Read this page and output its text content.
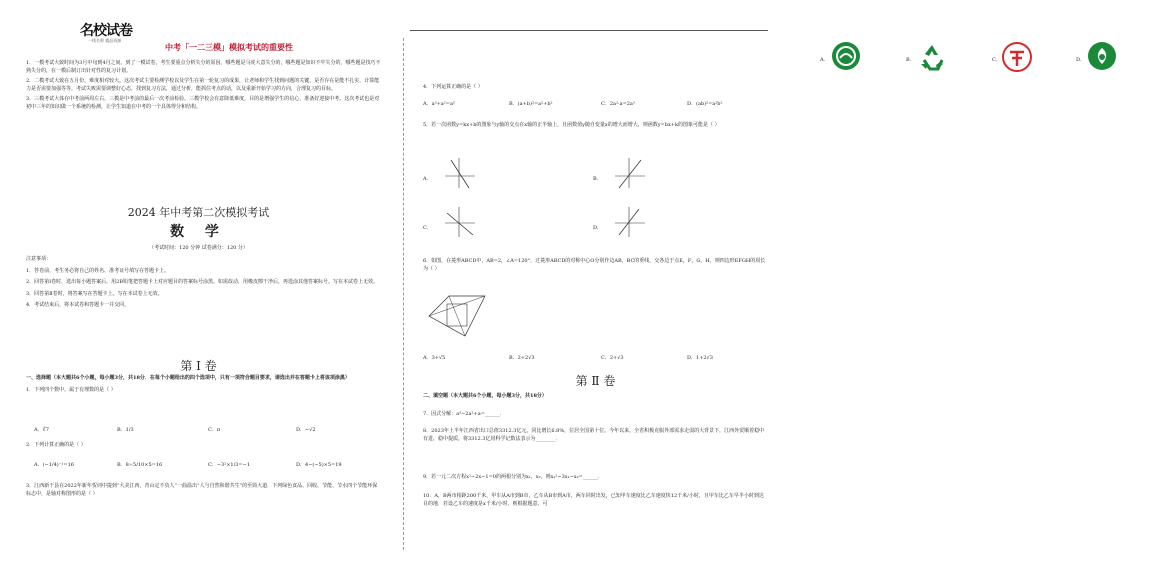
名校试卷
一线名师 精品资源
中考「一二三模」模拟考试的重要性

1．一模考试大致时间为3月中旬到4月之间。到了一模试卷，考生要重点分析失分的原因，哪些题是马虎大意失分的，哪些题是知识不牢失分的，哪些题是技巧不熟失分的，在一模后制订出针对性的复习计划。

2．二模考试大致在五月份，难度相对较大。这次考试主要检测学校以及学生在第一轮复习的成果，让老师和学生找到问题的关键，是否存在是能不扎实，计算能力是否需要加强等等。考试失败需要调整好心态，找到复习方法，通过分析，能抓住考点的话，以及重新开始学习的方向，合理复习的目标。

3．三模考试大体在中考前两周左右，三模是中考前的最后一次考前检验。三模学校会有意降低难度，目的是增强学生的信心，准备好迎接中考。这次考试也是对初中三年的知识做一个系统的检测，让学生知道在中考的一个具体得分和结构。

2024 年中考第二次模拟考试
数 学
（考试时间：120 分钟 试卷满分：120 分）

注意事项：

1．答卷前，考生务必将自己的姓名、准考证号填写在答题卡上。

2．回答第Ⅰ卷时，选出每小题答案后，用2B铅笔把答题卡上对应题目的答案标号涂黑。如需改动，用橡皮擦干净后，再选涂其他答案标号。写在本试卷上无效。

3．回答第Ⅱ卷时，将答案写在答题卡上。写在本试卷上无效。

4．考试结束后，将本试卷和答题卡一并交回。

第 Ⅰ 卷

一、选择题（本大题共6个小题，每小题3分，共18分．在每个小题给出的四个选项中，只有一项符合题目要求，请选出并在答题卡上将该项涂黑）

1．下列四个数中，属于有理数的是（ ）

A．∛7	B．1/3	C．π	D．−√2

2．下列计算正确的是（ ）

A．(−1/4)⁻¹=16	B．8÷5/10×5=16	C．−3²×1/3=−1	D．4−(−5)×5=19

3．江西新干县在2022年新年贺词中提到“大美江西，青山定不负人”一曲温出“人与自然和谐共生”的至简大道．下列绿色食品、回收、节能、节水四个节能环保标志中，是轴对称图形的是（ ）

A．	B．	C．	D．

4．下列运算正确的是（ ）

A．a³+a²=a⁵	B．(a+b)²=a²+b²	C．2a²·a=2a³	D．(ab)²=a²b²

5．若一次函数y=kx+b的图象与y轴的交点在x轴的正半轴上，且函数值y随自变量x的增大而增大，则函数y=bx+k的图象可能是（ ）

A．	B．
C．	D．

6．如图，在菱形ABCD中，AB=2，∠A=120°，过菱形ABCD的对称中心O分别作边AB，BC的垂线，交各边于点E，F，G，H，则四边形EFGH的周长为（ ）

A．3+√5	B．2+2√3	C．2+√3	D．1+2√3
第 Ⅱ 卷

二、填空题（本大题共6个小题，每小题3分，共18分）

7．因式分解：a³−2a²+a=______．

8．2023年上半年江西省出口总值3312.3亿元，同比增长6.8%，位居全国第十位。今年以来，全省积极克服外部需求走弱的大背景下，江西外贸顺着稳中有进、稳中提质。将3312.3亿用科学记数法表示为________．

9．若一元二次方程x²−2x−1=0的两根分别为x₁，x₂，则x₁²−3x₁−x₂=______．

10．A，B两市相距200千米，甲车从A市到B市，乙车从B市到A市，两车同时出发，已知甲车速度比乙车速度快12千米/小时，且甲车比乙车早半小时到达目的地．若设乙车的速度是x千米/小时，则根据题意，可
